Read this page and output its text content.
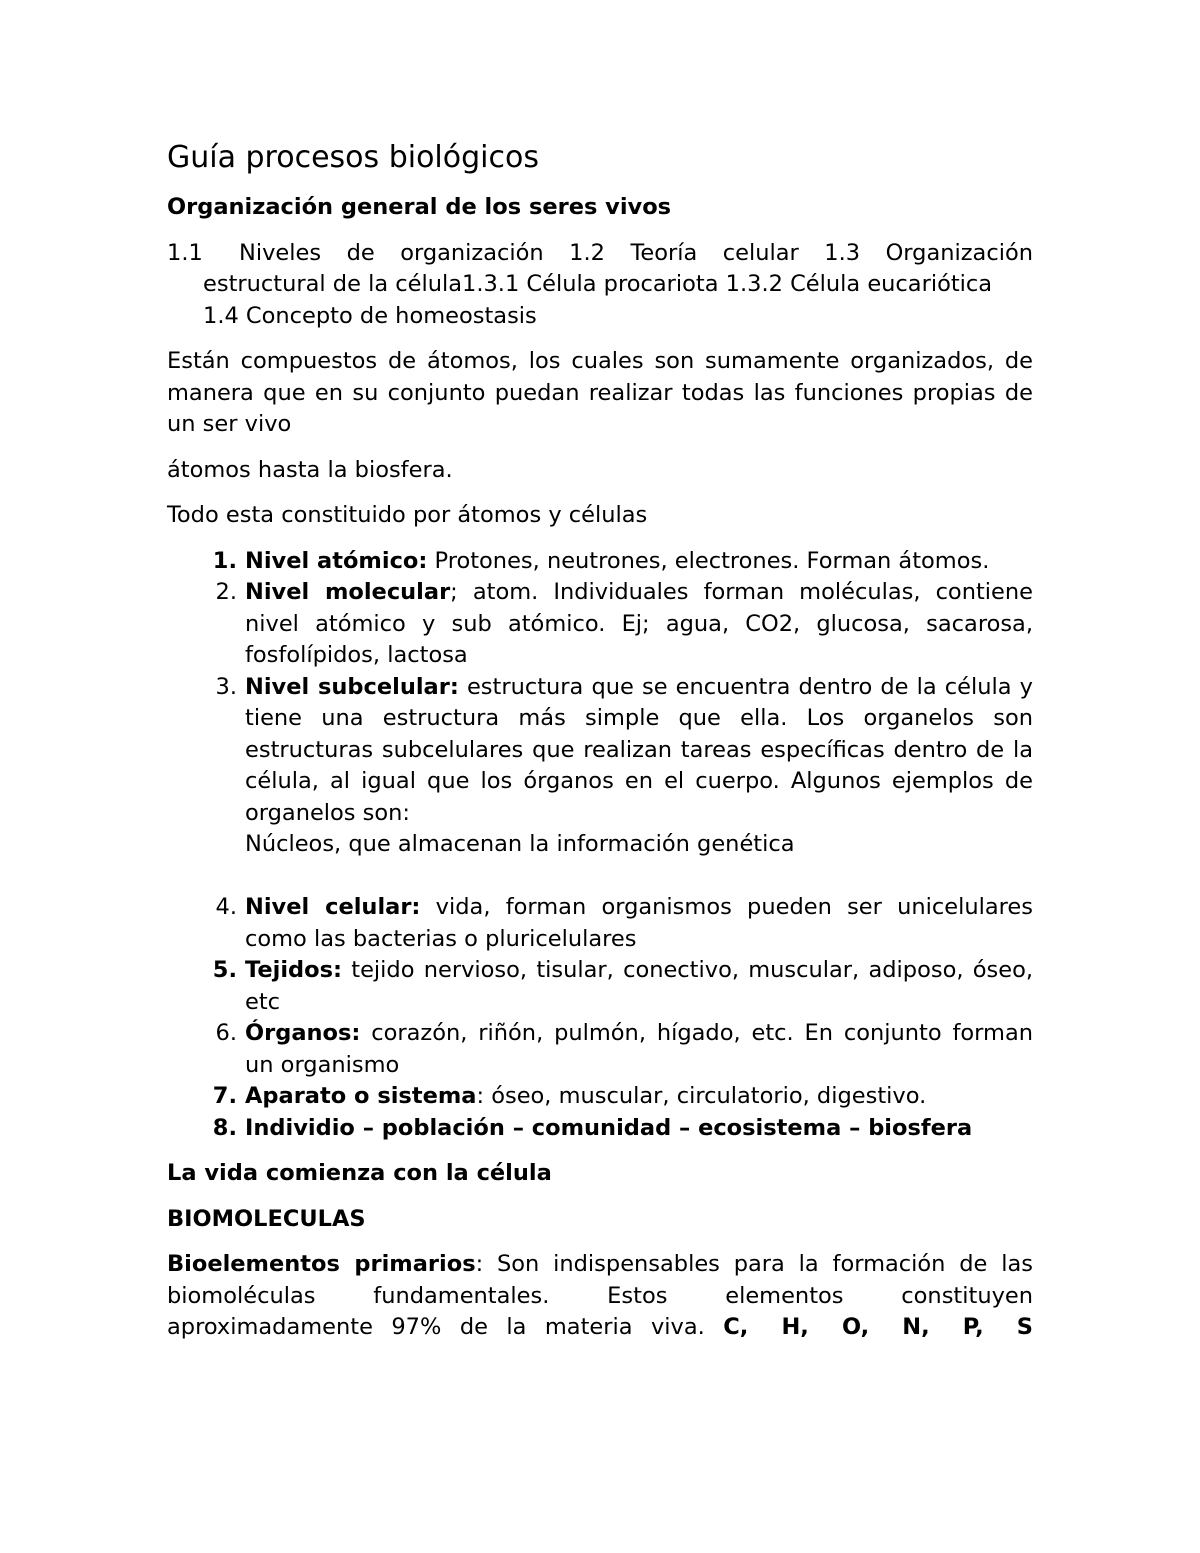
Guía procesos biológicos
Organización general de los seres vivos
1.1	Niveles de organización 1.2 Teoría celular 1.3 Organización
estructural de la célula1.3.1 Célula procariota 1.3.2 Célula eucariótica
1.4 Concepto de homeostasis

Están compuestos de átomos, los cuales son sumamente organizados, de manera que en su conjunto puedan realizar todas las funciones propias de un ser vivo

átomos hasta la biosfera.

Todo esta constituido por átomos y células

1. Nivel atómico: Protones, neutrones, electrones. Forman átomos.
2. Nivel molecular; atom. Individuales forman moléculas, contiene nivel atómico y sub atómico. Ej; agua, CO2, glucosa, sacarosa, fosfolípidos, lactosa
3. Nivel subcelular: estructura que se encuentra dentro de la célula y tiene una estructura más simple que ella. Los organelos son estructuras subcelulares que realizan tareas específicas dentro de la célula, al igual que los órganos en el cuerpo. Algunos ejemplos de organelos son:
Núcleos, que almacenan la información genética
4. Nivel celular: vida, forman organismos pueden ser unicelulares como las bacterias o pluricelulares
5. Tejidos: tejido nervioso, tisular, conectivo, muscular, adiposo, óseo, etc
6. Órganos: corazón, riñón, pulmón, hígado, etc. En conjunto forman un organismo
7. Aparato o sistema: óseo, muscular, circulatorio, digestivo.
8. Individio – población – comunidad – ecosistema – biosfera
La vida comienza con la célula
BIOMOLECULAS

Bioelementos primarios: Son indispensables para la formación de las biomoléculas fundamentales. Estos elementos constituyen aproximadamente 97% de la materia viva. C, H, O, N, P, S
